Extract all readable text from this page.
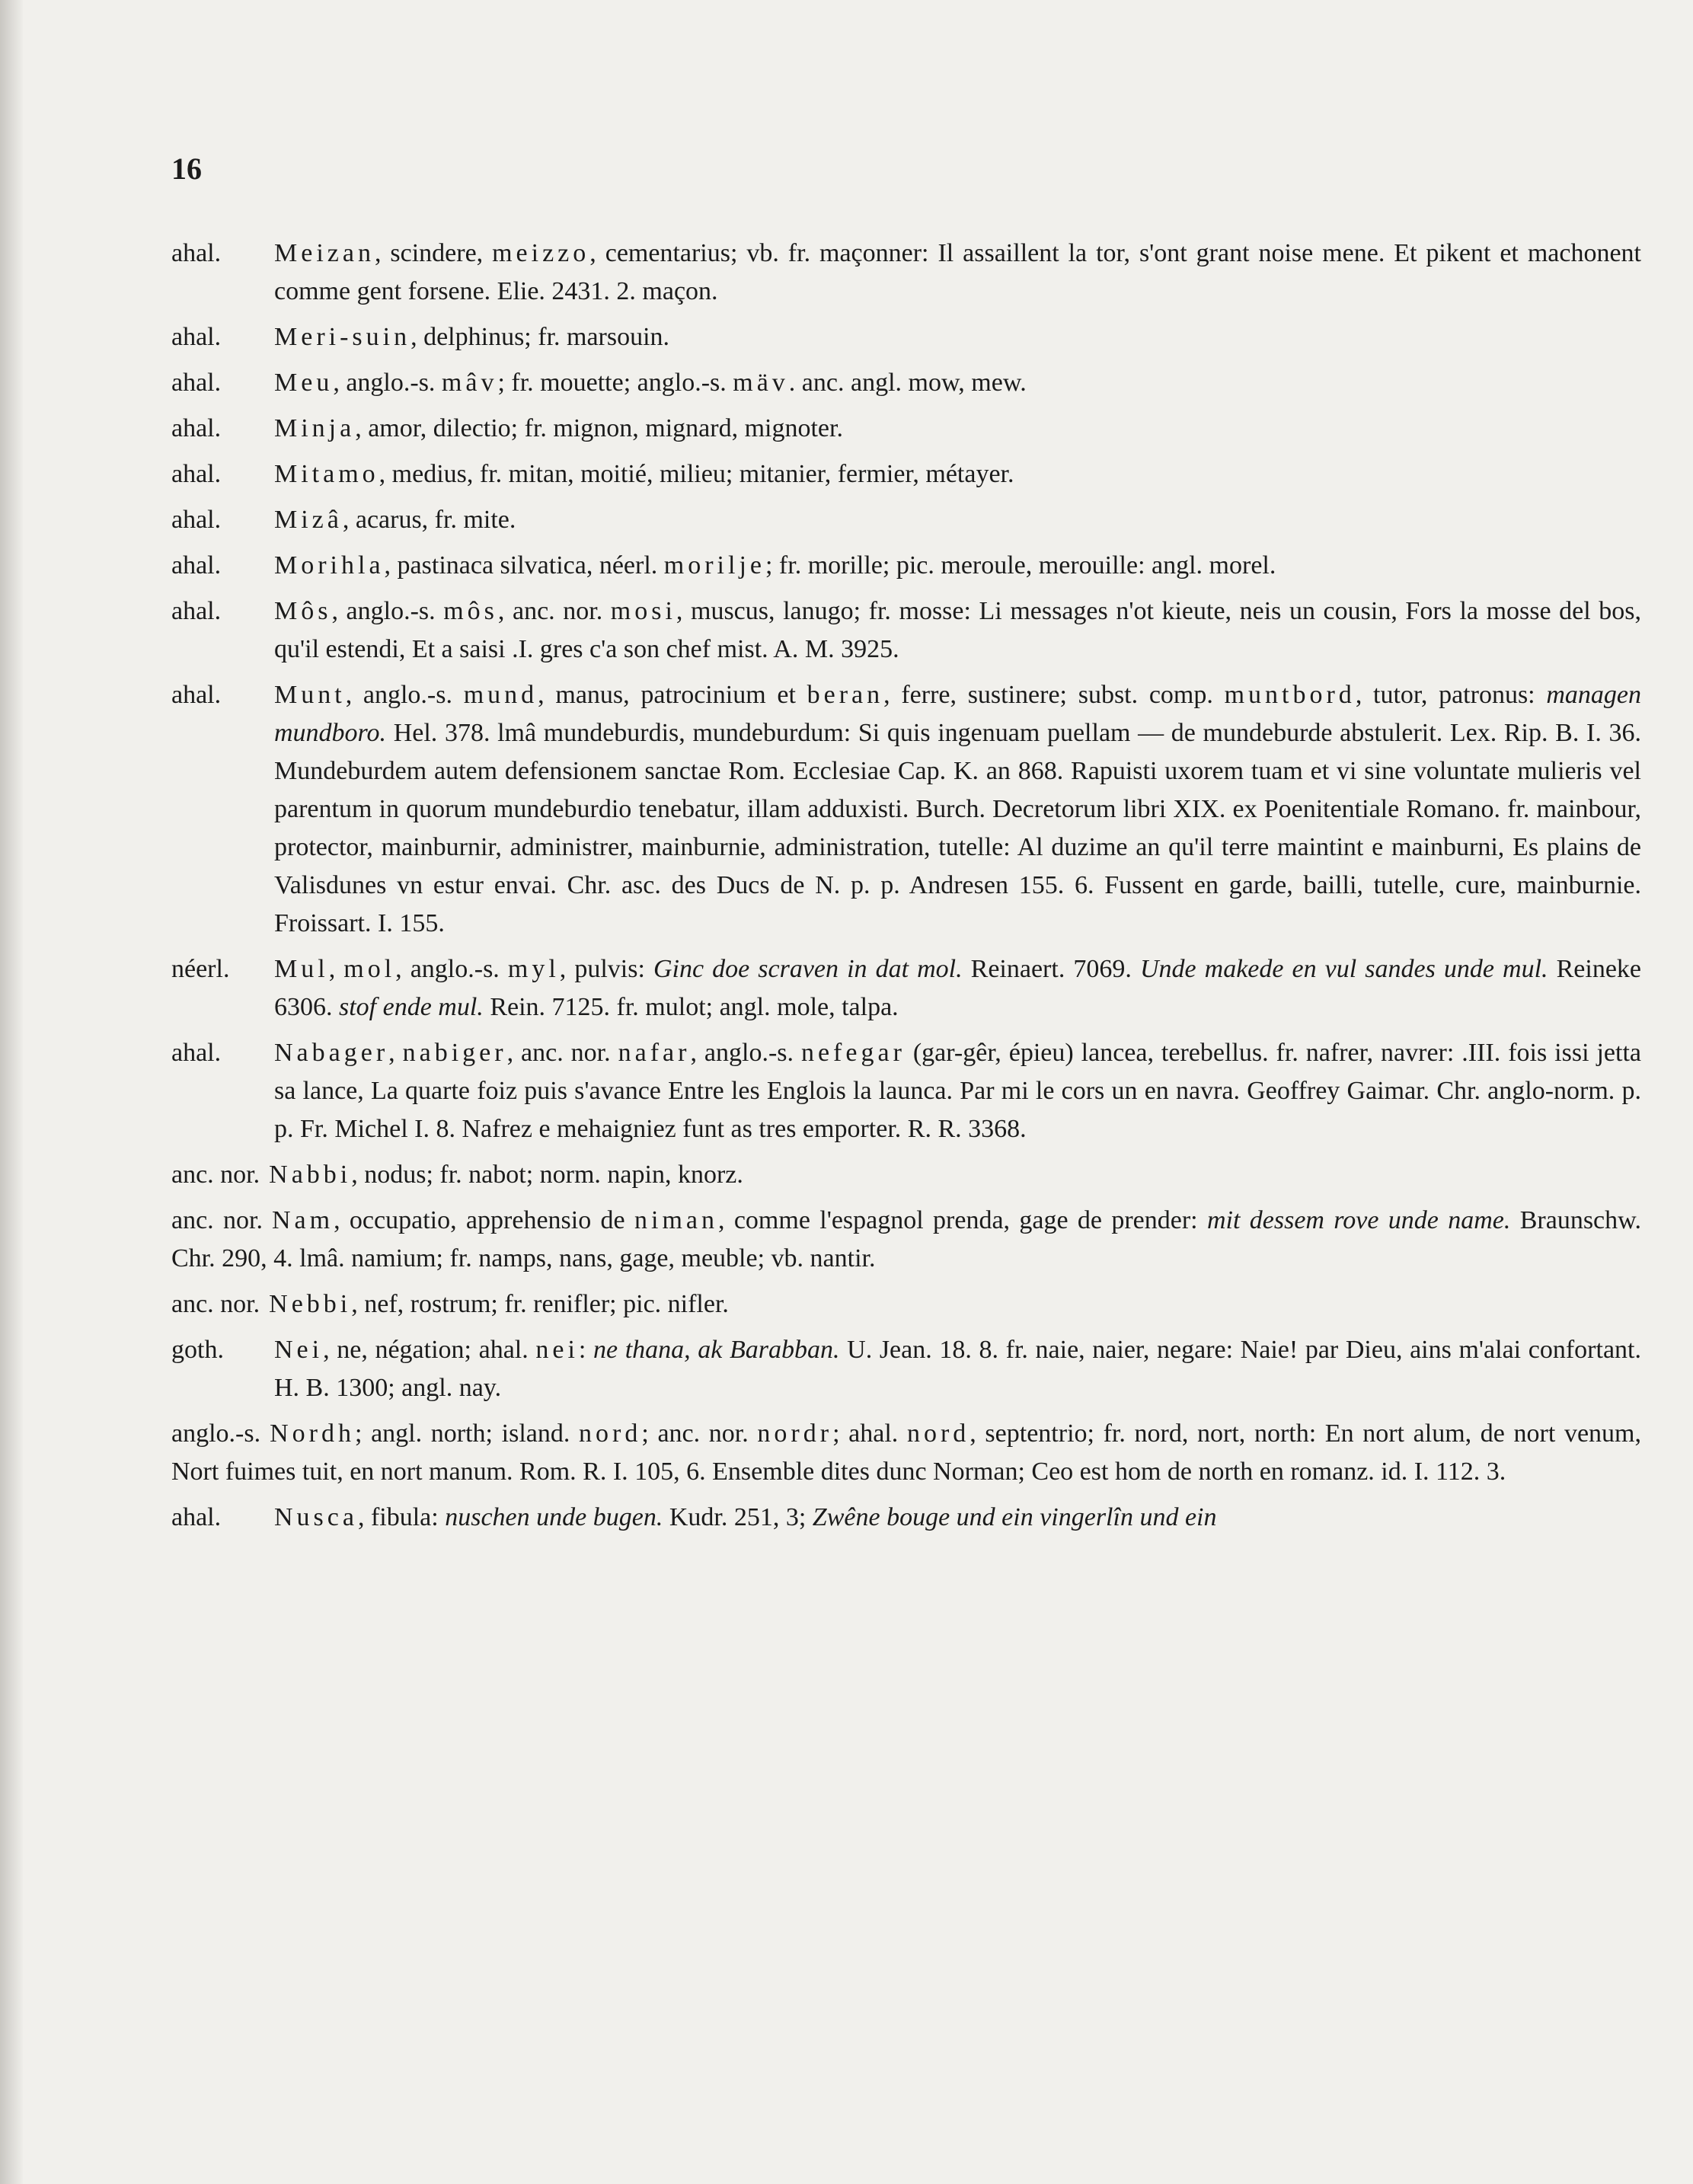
16
ahal.	Meizan, scindere, meizzo, cementarius; vb. fr. maçonner: Il assaillent la tor, s'ont grant noise mene. Et pikent et machonent comme gent forsene. Elie. 2431. 2. maçon.
ahal.	Meri-suin, delphinus; fr. marsouin.
ahal.	Meu, anglo.-s. mâv; fr. mouette; anglo.-s. mäv. anc. angl. mow, mew.
ahal.	Minja, amor, dilectio; fr. mignon, mignard, mignoter.
ahal.	Mitamo, medius, fr. mitan, moitié, milieu; mitanier, fermier, métayer.
ahal.	Mizâ, acarus, fr. mite.
ahal.	Morihla, pastinaca silvatica, néerl. morilje; fr. morille; pic. meroule, merouille: angl. morel.
ahal.	Môs, anglo.-s. môs, anc. nor. mosi, muscus, lanugo; fr. mosse: Li messages n'ot kieute, neis un cousin, Fors la mosse del bos, qu'il estendi, Et a saisi .I. gres c'a son chef mist. A. M. 3925.
ahal.	Munt, anglo.-s. mund, manus, patrocinium et beran, ferre, sustinere; subst. comp. muntbord, tutor, patronus: managen mundboro. Hel. 378. lmâ mundeburdis, mundeburdum: Si quis ingenuam puellam — de mundeburde abstulerit. Lex. Rip. B. I. 36. Mundeburdem autem defensionem sanctae Rom. Ecclesiae Cap. K. an 868. Rapuisti uxorem tuam et vi sine voluntate mulieris vel parentum in quorum mundeburdio tenebatur, illam adduxisti. Burch. Decretorum libri XIX. ex Poenitentiale Romano. fr. mainbour, protector, mainburnir, administrer, mainburnie, administration, tutelle: Al duzime an qu'il terre maintint e mainburni, Es plains de Valisdunes vn estur envai. Chr. asc. des Ducs de N. p. p. Andresen 155. 6. Fussent en garde, bailli, tutelle, cure, mainburnie. Froissart. I. 155.
néerl.	Mul, mol, anglo.-s. myl, pulvis: Ginc doe scraven in dat mol. Reinaert. 7069. Unde makede en vul sandes unde mul. Reineke 6306. stof ende mul. Rein. 7125. fr. mulot; angl. mole, talpa.
ahal.	Nabager, nabiger, anc. nor. nafar, anglo.-s. nefegar (gar-gêr, épieu) lancea, terebellus. fr. nafrer, navrer: .III. fois issi jetta sa lance, La quarte foiz puis s'avance Entre les Englois la launca. Par mi le cors un en navra. Geoffrey Gaimar. Chr. anglo-norm. p. p. Fr. Michel I. 8. Nafrez e mehaigniez funt as tres emporter. R. R. 3368.
anc. nor. Nabbi, nodus; fr. nabot; norm. napin, knorz.
anc. nor. Nam, occupatio, apprehensio de niman, comme l'espagnol prenda, gage de prender: mit dessem rove unde name. Braunschw. Chr. 290, 4. lmâ. namium; fr. namps, nans, gage, meuble; vb. nantir.
anc. nor. Nebbi, nef, rostrum; fr. renifler; pic. nifler.
goth.	Nei, ne, négation; ahal. nei: ne thana, ak Barabban. U. Jean. 18. 8. fr. naie, naier, negare: Naie! par Dieu, ains m'alai confortant. H. B. 1300; angl. nay.
anglo.-s. Nordh; angl. north; island. nord; anc. nor. nordr; ahal. nord, septentrio; fr. nord, nort, north: En nort alum, de nort venum, Nort fuimes tuit, en nort manum. Rom. R. I. 105, 6. Ensemble dites dunc Norman; Ceo est hom de north en romanz. id. I. 112. 3.
ahal.	Nusca, fibula: nuschen unde bugen. Kudr. 251, 3; Zwêne bouge und ein vingerlîn und ein
